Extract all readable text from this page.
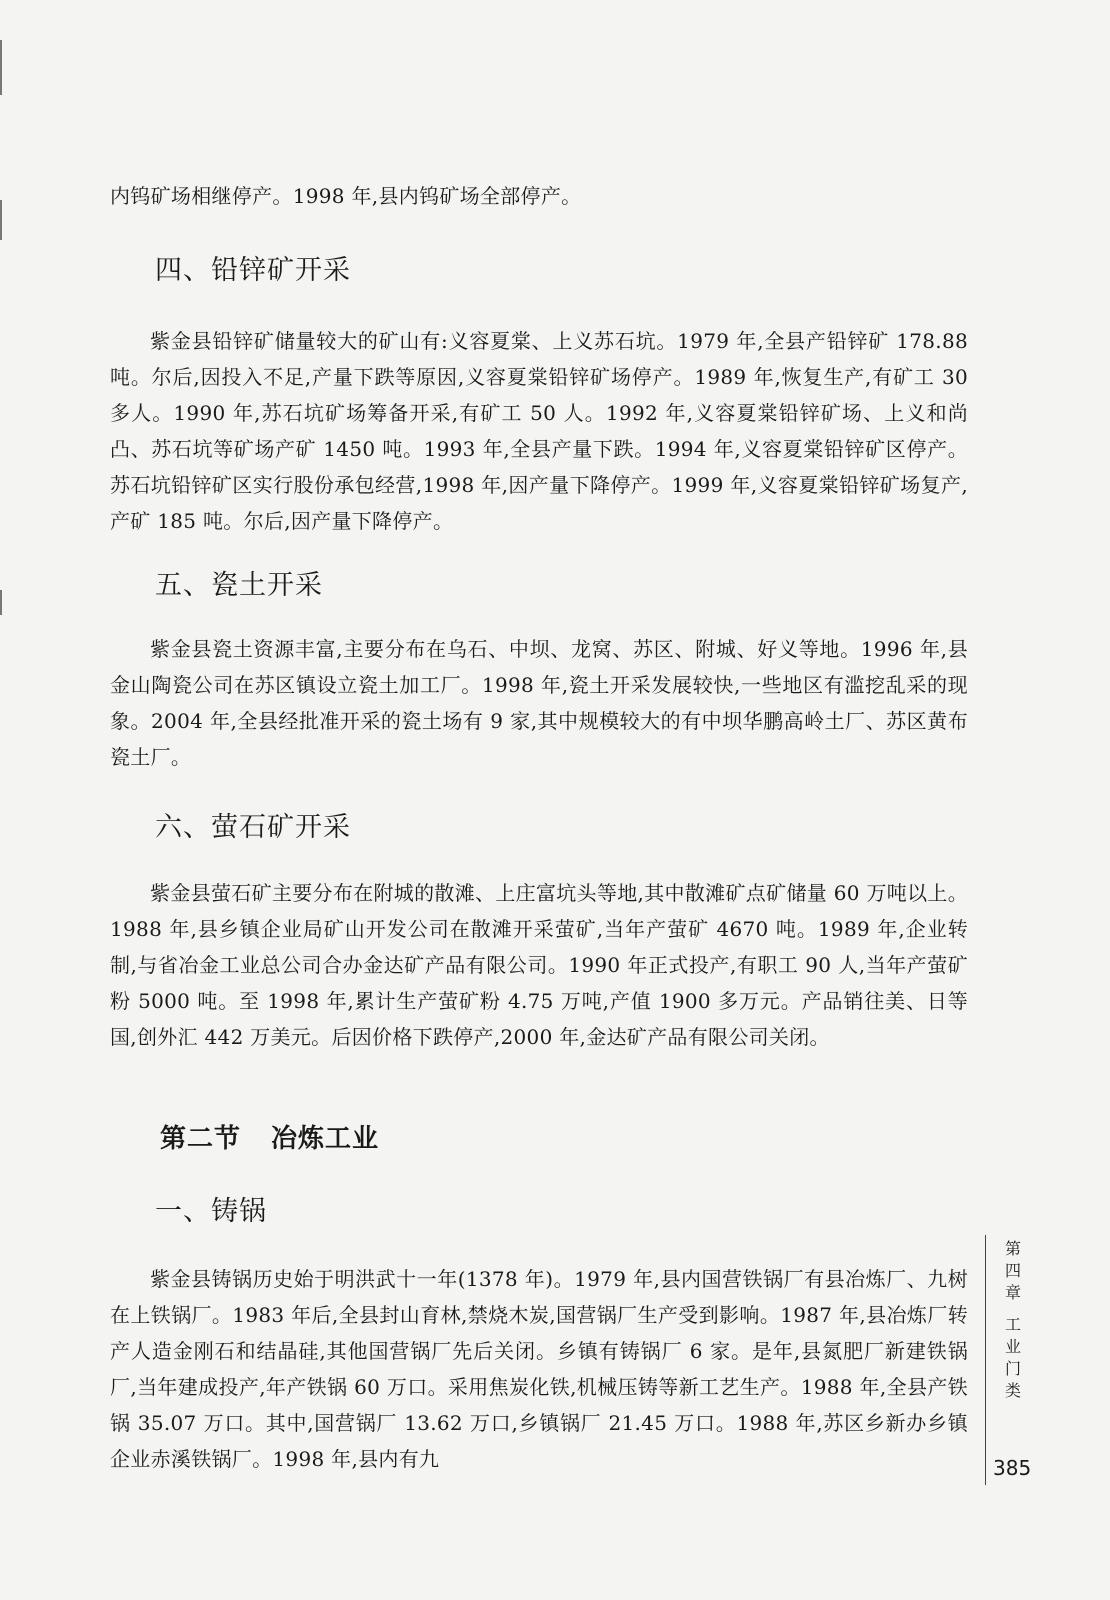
内钨矿场相继停产。1998 年,县内钨矿场全部停产。

四、铅锌矿开采

紫金县铅锌矿储量较大的矿山有:义容夏棠、上义苏石坑。1979 年,全县产铅锌矿 178.88 吨。尔后,因投入不足,产量下跌等原因,义容夏棠铅锌矿场停产。1989 年,恢复生产,有矿工 30 多人。1990 年,苏石坑矿场筹备开采,有矿工 50 人。1992 年,义容夏棠铅锌矿场、上义和尚凸、苏石坑等矿场产矿 1450 吨。1993 年,全县产量下跌。1994 年,义容夏棠铅锌矿区停产。苏石坑铅锌矿区实行股份承包经营,1998 年,因产量下降停产。1999 年,义容夏棠铅锌矿场复产,产矿 185 吨。尔后,因产量下降停产。

五、瓷土开采

紫金县瓷土资源丰富,主要分布在乌石、中坝、龙窝、苏区、附城、好义等地。1996 年,县金山陶瓷公司在苏区镇设立瓷土加工厂。1998 年,瓷土开采发展较快,一些地区有滥挖乱采的现象。2004 年,全县经批准开采的瓷土场有 9 家,其中规模较大的有中坝华鹏高岭土厂、苏区黄布瓷土厂。

六、萤石矿开采

紫金县萤石矿主要分布在附城的散滩、上庄富坑头等地,其中散滩矿点矿储量 60 万吨以上。1988 年,县乡镇企业局矿山开发公司在散滩开采萤矿,当年产萤矿 4670 吨。1989 年,企业转制,与省冶金工业总公司合办金达矿产品有限公司。1990 年正式投产,有职工 90 人,当年产萤矿粉 5000 吨。至 1998 年,累计生产萤矿粉 4.75 万吨,产值 1900 多万元。产品销往美、日等国,创外汇 442 万美元。后因价格下跌停产,2000 年,金达矿产品有限公司关闭。

第二节 冶炼工业
一、铸锅

紫金县铸锅历史始于明洪武十一年(1378 年)。1979 年,县内国营铁锅厂有县冶炼厂、九树在上铁锅厂。1983 年后,全县封山育林,禁烧木炭,国营锅厂生产受到影响。1987 年,县冶炼厂转产人造金刚石和结晶硅,其他国营锅厂先后关闭。乡镇有铸锅厂 6 家。是年,县氮肥厂新建铁锅厂,当年建成投产,年产铁锅 60 万口。采用焦炭化铁,机械压铸等新工艺生产。1988 年,全县产铁锅 35.07 万口。其中,国营锅厂 13.62 万口,乡镇锅厂 21.45 万口。1988 年,苏区乡新办乡镇企业赤溪铁锅厂。1998 年,县内有九

第
四
章
工
业
门
类
385
